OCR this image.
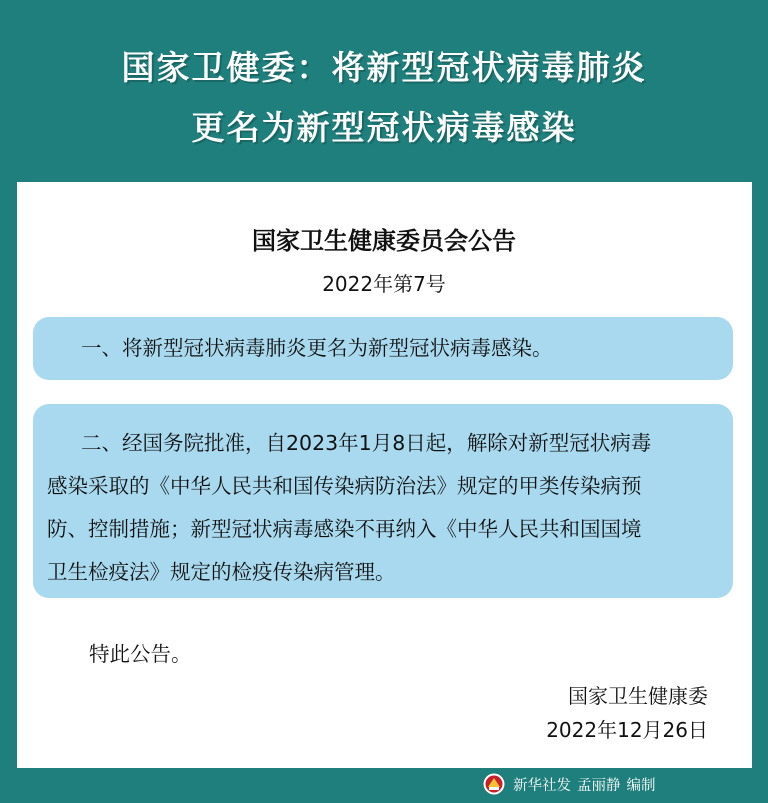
国家卫健委：将新型冠状病毒肺炎
更名为新型冠状病毒感染
国家卫生健康委员会公告
2022年第7号
一、将新型冠状病毒肺炎更名为新型冠状病毒感染。
二、经国务院批准，自2023年1月8日起，解除对新型冠状病毒
感染采取的《中华人民共和国传染病防治法》规定的甲类传染病预
防、控制措施；新型冠状病毒感染不再纳入《中华人民共和国国境
卫生检疫法》规定的检疫传染病管理。
特此公告。
国家卫生健康委
2022年12月26日
新华社发 孟丽静 编制
